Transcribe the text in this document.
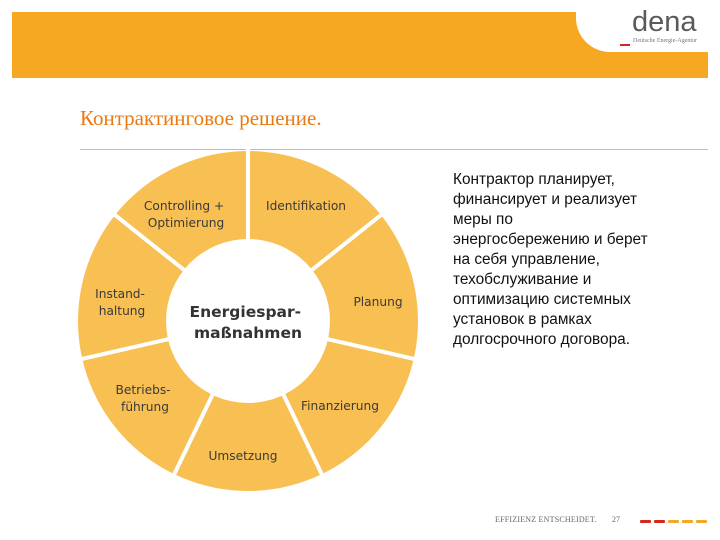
dena
Deutsche Energie-Agentur
Контрактинговое решение.
Controlling + Optimierung
Identifikation
Planung
Finanzierung
Umsetzung
Betriebs- führung
Instand- haltung	Energiespar- maßnahmen

Контрактор планирует,
финансирует и реализует
меры по
энергосбережению и берет
на себя управление,
техобслуживание и
оптимизацию системных
установок в рамках
долгосрочного договора.

EFFIZIENZ ENTSCHEIDET. 27
